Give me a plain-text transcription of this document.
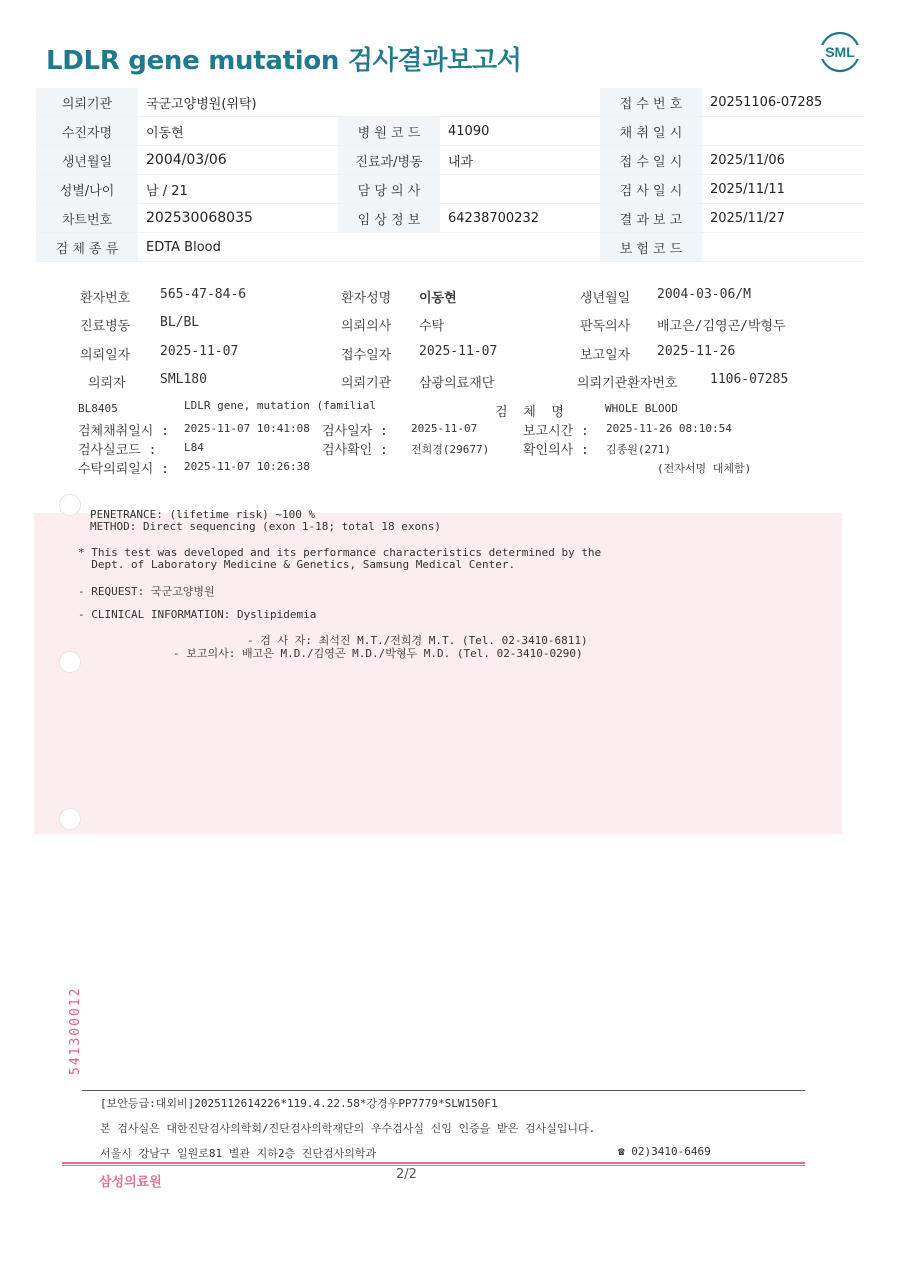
LDLR gene mutation 검사결과보고서	SML
의뢰기관	국군고양병원(위탁)			접 수 번 호	20251106-07285
수진자명	이동현	병 원 코 드	41090	채 취 일 시	
생년월일	2004/03/06	진료과/병동	내과	접 수 일 시	2025/11/06
성별/나이	남 / 21	담 당 의 사		검 사 일 시	2025/11/11
차트번호	202530068035	임 상 정 보	64238700232	결 과 보 고	2025/11/27
검 체 종 류	EDTA Blood			보 험 코 드	
환자번호 565-47-84-6	환자성명 이동현	생년월일 2004-03-06/M
진료병동 BL/BL	의뢰의사 수탁	판독의사 배고은/김영곤/박형두
의뢰일자 2025-11-07	접수일자 2025-11-07	보고일자 2025-11-26
의뢰자	SML180	의뢰기관 삼광의료재단	의뢰기관환자번호	1106-07285
BL8405	LDLR gene, mutation (familial	검  체  명	WHOLE BLOOD
검체채취일시 : 2025-11-07 10:41:08 검사일자 : 2025-11-07	보고시간 : 2025-11-26 08:10:54
검사실코드 :	L84	검사확인 : 전희경(29677)	확인의사 : 김종원(271)
수탁의뢰일시 : 2025-11-07 10:26:38	(전자서명 대체함)
PENETRANCE: (lifetime risk) ~100 %
METHOD: Direct sequencing (exon 1-18; total 18 exons)
* This test was developed and its performance characteristics determined by the
Dept. of Laboratory Medicine & Genetics, Samsung Medical Center.
- REQUEST: 국군고양병원
- CLINICAL INFORMATION: Dyslipidemia
- 검 사 자: 최석진 M.T./전희경 M.T. (Tel. 02-3410-6811)
- 보고의사: 배고은 M.D./김영곤 M.D./박형두 M.D. (Tel. 02-3410-0290)
541300012
[보안등급:대외비]2025112614226*119.4.22.58*강경우PP7779*SLW150F1
본 검사실은 대한진단검사의학회/진단검사의학재단의 우수검사실 신임 인증을 받은 검사실입니다.
서울시 강남구 일원로81 별관 지하2층 진단검사의학과	☎ 02)3410-6469
삼성의료원
2/2
